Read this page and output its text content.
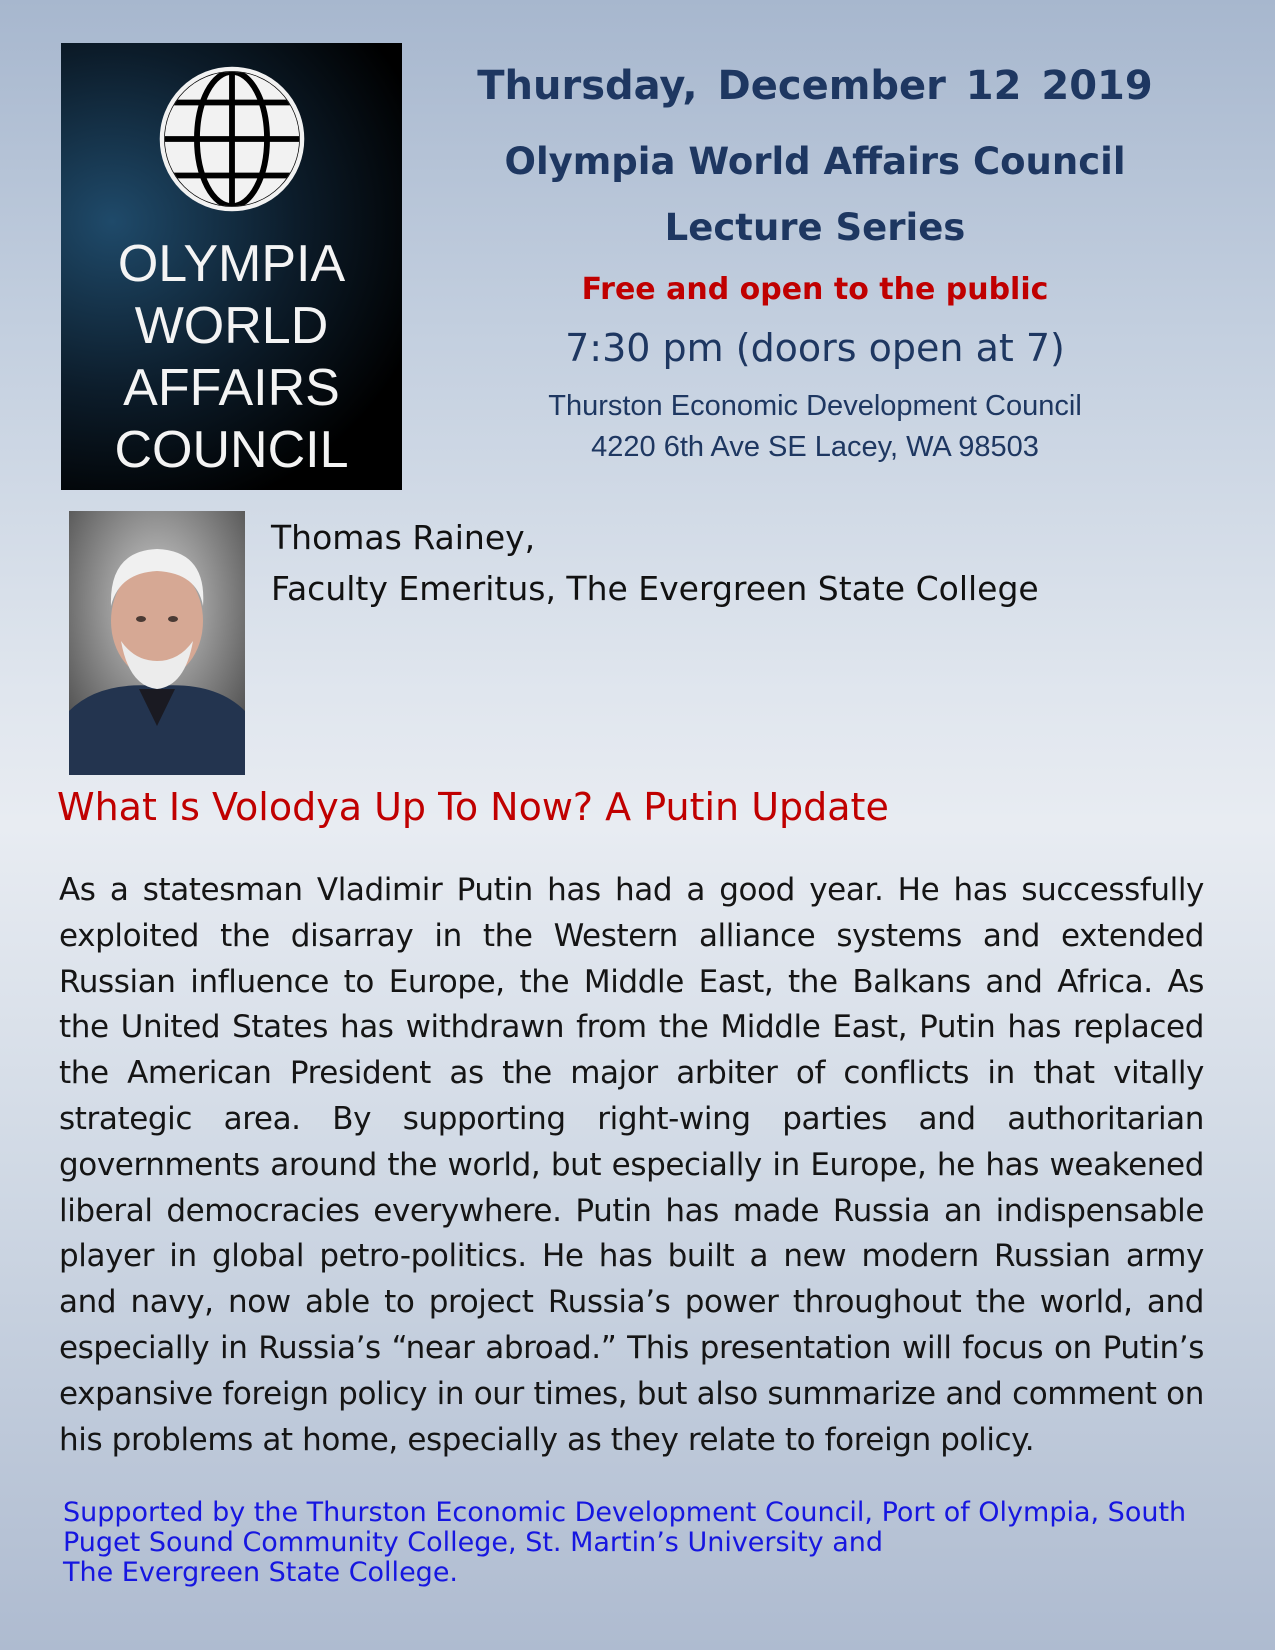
OLYMPIA
WORLD
AFFAIRS
COUNCIL
Thursday, December 12 2019
Olympia World Affairs Council
Lecture Series
Free and open to the public
7:30 pm (doors open at 7)
Thurston Economic Development Council
4220 6th Ave SE Lacey, WA 98503
Thomas Rainey,
Faculty Emeritus, The Evergreen State College
What Is Volodya Up To Now? A Putin Update

As a statesman Vladimir Putin has had a good year. He has successfully exploited the disarray in the Western alliance systems and extended Russian influence to Europe, the Middle East, the Balkans and Africa. As the United States has withdrawn from the Middle East, Putin has replaced the American President as the major arbiter of conflicts in that vitally strategic area. By supporting right-wing parties and authoritarian governments around the world, but especially in Europe, he has weakened liberal democracies everywhere. Putin has made Russia an indispensable player in global petro-politics. He has built a new modern Russian army and navy, now able to project Russia’s power throughout the world, and especially in Russia’s “near abroad.” This presentation will focus on Putin’s expansive foreign policy in our times, but also summarize and comment on his problems at home, especially as they relate to foreign policy.

Supported by the Thurston Economic Development Council, Port of Olympia, South
Puget Sound Community College, St. Martin’s University and
The Evergreen State College.
